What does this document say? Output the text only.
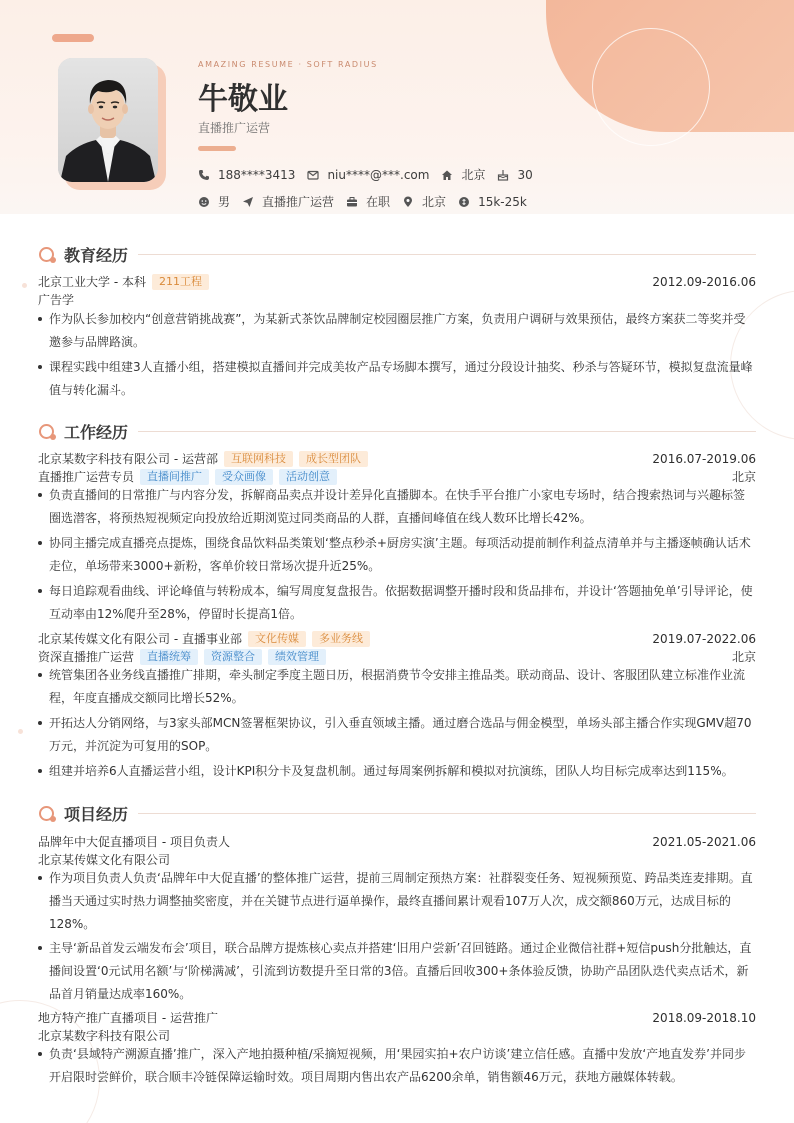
AMAZING RESUME · SOFT RADIUS
牛敬业
直播推广运营
188****3413	niu****@***.com	北京	30
男	直播推广运营	在职	北京	15k-25k
教育经历
北京工业大学 - 本科	211工程	2012.09-2016.06
广告学
作为队长参加校内“创意营销挑战赛”，为某新式茶饮品牌制定校园圈层推广方案，负责用户调研与效果预估，最终方案获二等奖并受邀参与品牌路演。
课程实践中组建3人直播小组，搭建模拟直播间并完成美妆产品专场脚本撰写，通过分段设计抽奖、秒杀与答疑环节，模拟复盘流量峰值与转化漏斗。
工作经历
北京某数字科技有限公司 - 运营部	互联网科技	成长型团队	2016.07-2019.06
直播推广运营专员	直播间推广	受众画像	活动创意	北京
负责直播间的日常推广与内容分发，拆解商品卖点并设计差异化直播脚本。在快手平台推广小家电专场时，结合搜索热词与兴趣标签圈选潜客，将预热短视频定向投放给近期浏览过同类商品的人群，直播间峰值在线人数环比增长42%。
协同主播完成直播亮点提炼，围绕食品饮料品类策划‘整点秒杀+厨房实演’主题。每项活动提前制作利益点清单并与主播逐帧确认话术走位，单场带来3000+新粉，客单价较日常场次提升近25%。
每日追踪观看曲线、评论峰值与转粉成本，编写周度复盘报告。依据数据调整开播时段和货品排布，并设计‘答题抽免单’引导评论，使互动率由12%爬升至28%，停留时长提高1倍。
北京某传媒文化有限公司 - 直播事业部	文化传媒	多业务线	2019.07-2022.06
资深直播推广运营	直播统筹	资源整合	绩效管理	北京
统管集团各业务线直播推广排期，牵头制定季度主题日历，根据消费节令安排主推品类。联动商品、设计、客服团队建立标准作业流程，年度直播成交额同比增长52%。
开拓达人分销网络，与3家头部MCN签署框架协议，引入垂直领域主播。通过磨合选品与佣金模型，单场头部主播合作实现GMV超70万元，并沉淀为可复用的SOP。
组建并培养6人直播运营小组，设计KPI积分卡及复盘机制。通过每周案例拆解和模拟对抗演练，团队人均目标完成率达到115%。
项目经历
品牌年中大促直播项目 - 项目负责人	2021.05-2021.06
北京某传媒文化有限公司
作为项目负责人负责‘品牌年中大促直播’的整体推广运营，提前三周制定预热方案：社群裂变任务、短视频预览、跨品类连麦排期。直播当天通过实时热力调整抽奖密度，并在关键节点进行逼单操作，最终直播间累计观看107万人次，成交额860万元，达成目标的128%。
主导‘新品首发云端发布会’项目，联合品牌方提炼核心卖点并搭建‘旧用户尝新’召回链路。通过企业微信社群+短信push分批触达，直播间设置‘0元试用名额’与‘阶梯满减’，引流到访数提升至日常的3倍。直播后回收300+条体验反馈，协助产品团队迭代卖点话术，新品首月销量达成率160%。
地方特产推广直播项目 - 运营推广	2018.09-2018.10
北京某数字科技有限公司
负责‘县域特产溯源直播’推广，深入产地拍摄种植/采摘短视频，用‘果园实拍+农户访谈’建立信任感。直播中发放‘产地直发券’并同步开启限时尝鲜价，联合顺丰冷链保障运输时效。项目周期内售出农产品6200余单，销售额46万元，获地方融媒体转载。
